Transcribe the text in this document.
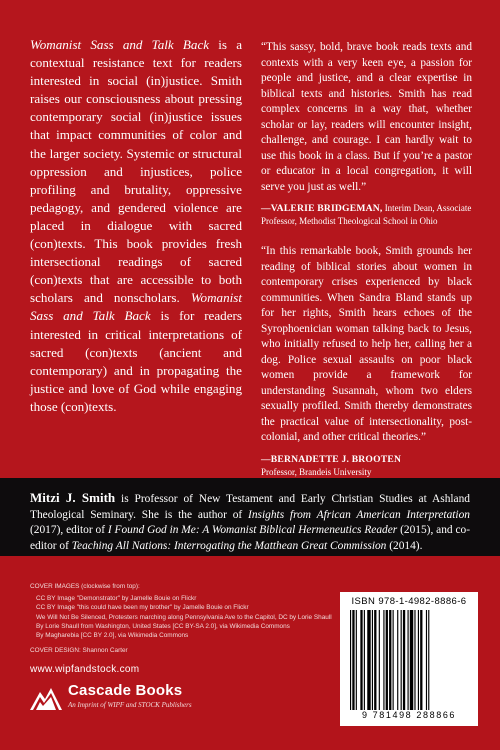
Womanist Sass and Talk Back is a contextual resistance text for readers interested in social (in)justice. Smith raises our consciousness about pressing contemporary social (in)justice issues that impact communities of color and the larger society. Systemic or structural oppression and injustices, police profiling and brutality, oppressive pedagogy, and gendered violence are placed in dialogue with sacred (con)texts. This book provides fresh intersectional readings of sacred (con)texts that are accessible to both scholars and nonscholars. Womanist Sass and Talk Back is for readers interested in critical interpretations of sacred (con)texts (ancient and contemporary) and in propagating the justice and love of God while engaging those (con)texts.

“This sassy, bold, brave book reads texts and contexts with a very keen eye, a passion for people and justice, and a clear expertise in biblical texts and histories. Smith has read complex concerns in a way that, whether scholar or lay, readers will encounter insight, challenge, and courage. I can hardly wait to use this book in a class. But if you’re a pastor or educator in a local congregation, it will serve you just as well.”

—VALERIE BRIDGEMAN, Interim Dean, Associate Professor, Methodist Theological School in Ohio

“In this remarkable book, Smith grounds her reading of biblical stories about women in contemporary crises experienced by black communities. When Sandra Bland stands up for her rights, Smith hears echoes of the Syrophoenician woman talking back to Jesus, who initially refused to help her, calling her a dog. Police sexual assaults on poor black women provide a framework for understanding Susannah, whom two elders sexually profiled. Smith thereby demonstrates the practical value of intersectionality, post-colonial, and other critical theories.”

—BERNADETTE J. BROOTEN
Professor, Brandeis University

Mitzi J. Smith is Professor of New Testament and Early Christian Studies at Ashland Theological Seminary. She is the author of Insights from African American Interpretation (2017), editor of I Found God in Me: A Womanist Biblical Hermeneutics Reader (2015), and co-editor of Teaching All Nations: Interrogating the Matthean Great Commission (2014).
COVER IMAGES (clockwise from top):
CC BY Image "Demonstrator" by Jamelle Bouie on Flickr
CC BY Image "this could have been my brother" by Jamelle Bouie on Flickr
We Will Not Be Silenced, Protesters marching along Pennsylvania Ave to the Capitol, DC by Lorie Shaull
By Lorie Shaull from Washington, United States [CC BY-SA 2.0], via Wikimedia Commons
By Magharebia [CC BY 2.0], via Wikimedia Commons
COVER DESIGN: Shannon Carter
www.wipfandstock.com
Cascade Books
An Imprint of WIPF and STOCK Publishers
ISBN 978-1-4982-8886-6
9 781498 288866
